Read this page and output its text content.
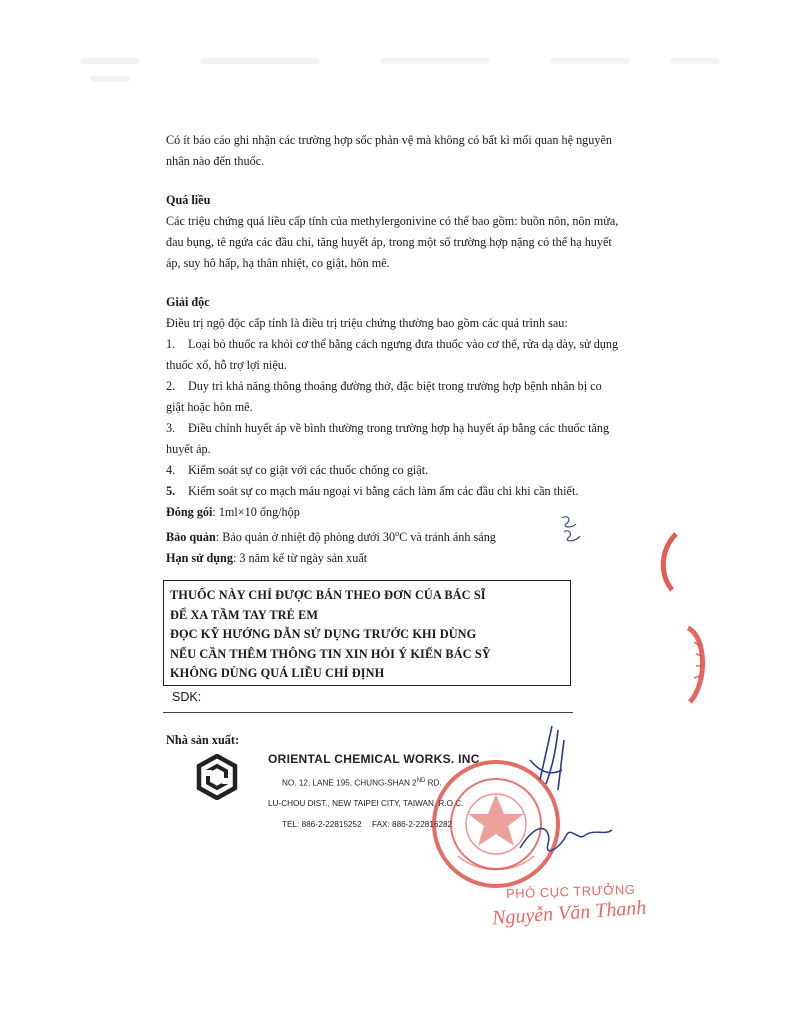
Có ít báo cáo ghi nhận các trường hợp sốc phản vệ mà không có bất kì mối quan hệ nguyên

nhân nào đến thuốc.

Quá liều

Các triệu chứng quá liều cấp tính của methylergonivine có thể bao gồm: buồn nôn, nôn mửa,

đau bụng, tê ngứa các đầu chi, tăng huyết áp, trong một số trường hợp nặng có thể hạ huyết

áp, suy hô hấp, hạ thân nhiệt, co giật, hôn mê.

Giải độc

Điều trị ngộ độc cấp tính là điều trị triệu chứng thường bao gồm các quá trình sau:

1.	Loại bỏ thuốc ra khỏi cơ thể bằng cách ngưng đưa thuốc vào cơ thể, rửa dạ dày, sử dụng

thuốc xổ, hỗ trợ lợi niệu.

2.	Duy trì khả năng thông thoáng đường thở, đặc biệt trong trường hợp bệnh nhân bị co

giật hoặc hôn mê.

3.	Điều chỉnh huyết áp về bình thường trong trường hợp hạ huyết áp bằng các thuốc tăng

huyết áp.

4.	Kiểm soát sự co giật với các thuốc chống co giật.
5.	Kiểm soát sự co mạch máu ngoại vi bằng cách làm ấm các đầu chi khi cần thiết.

Đóng gói: 1ml×10 ống/hộp

Bảo quản: Bảo quản ở nhiệt độ phòng dưới 30$^o$C và tránh ánh sáng

Hạn sử dụng: 3 năm kể từ ngày sản xuất

THUỐC NÀY CHỈ ĐƯỢC BÁN THEO ĐƠN CỦA BÁC SĨ
ĐỂ XA TẦM TAY TRẺ EM
ĐỌC KỸ HƯỚNG DẪN SỬ DỤNG TRƯỚC KHI DÙNG
NẾU CẦN THÊM THÔNG TIN XIN HỎI Ý KIẾN BÁC SỸ
KHÔNG DÙNG QUÁ LIỀU CHỈ ĐỊNH
SDK:
Nhà sản xuất:
ORIENTAL CHEMICAL WORKS. INC
NO. 12, LANE 195, CHUNG-SHAN 2ND RD.
LU-CHOU DIST., NEW TAIPEI CITY, TAIWAN, R.O.C.
TEL: 886-2-22815252 FAX: 886-2-22816282
PHÓ CỤC TRƯỞNG
Nguyễn Văn Thanh
